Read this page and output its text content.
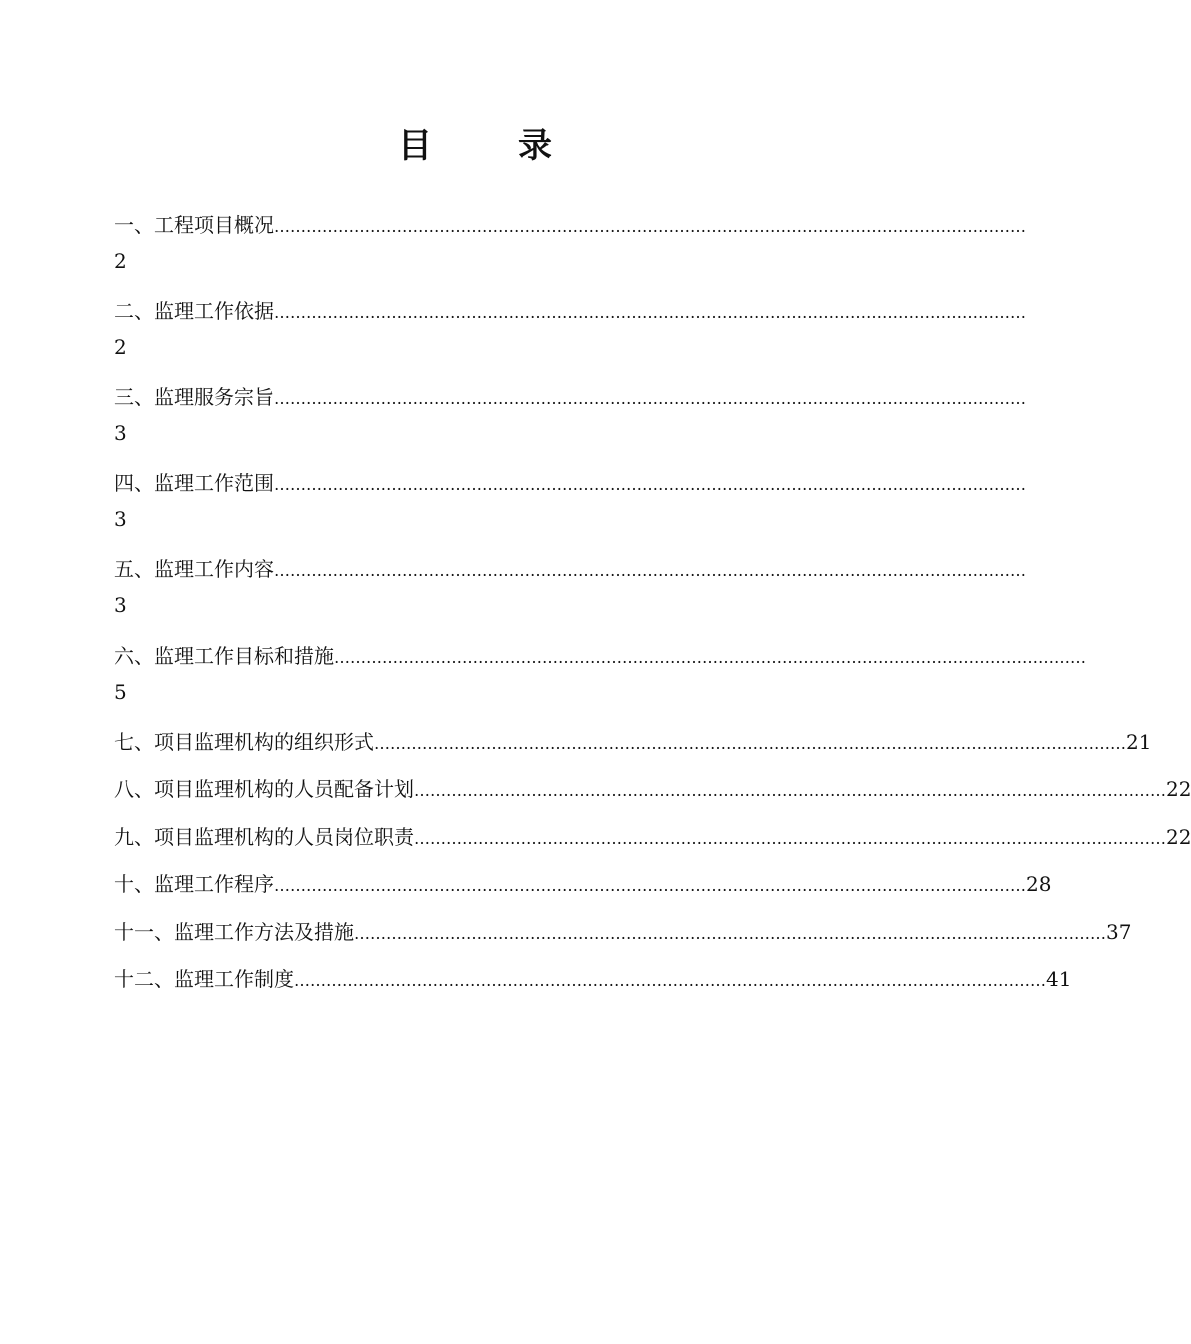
目	录
一、工程项目概况 ……………………………………………………………………………………………………………………………
2
二、监理工作依据 ……………………………………………………………………………………………………………………………
2
三、监理服务宗旨 ……………………………………………………………………………………………………………………………
3
四、监理工作范围 ……………………………………………………………………………………………………………………………
3
五、监理工作内容 ……………………………………………………………………………………………………………………………
3
六、监理工作目标和措施 ……………………………………………………………………………………………………………………………
5
七、项目监理机构的组织形式 …………………………………………………………………………………………………………………………… 21
八、项目监理机构的人员配备计划 …………………………………………………………………………………………………………………………… 22
九、项目监理机构的人员岗位职责 …………………………………………………………………………………………………………………………… 22
十、监理工作程序 …………………………………………………………………………………………………………………………… 28
十一、监理工作方法及措施 …………………………………………………………………………………………………………………………… 37
十二、监理工作制度 …………………………………………………………………………………………………………………………… 41
